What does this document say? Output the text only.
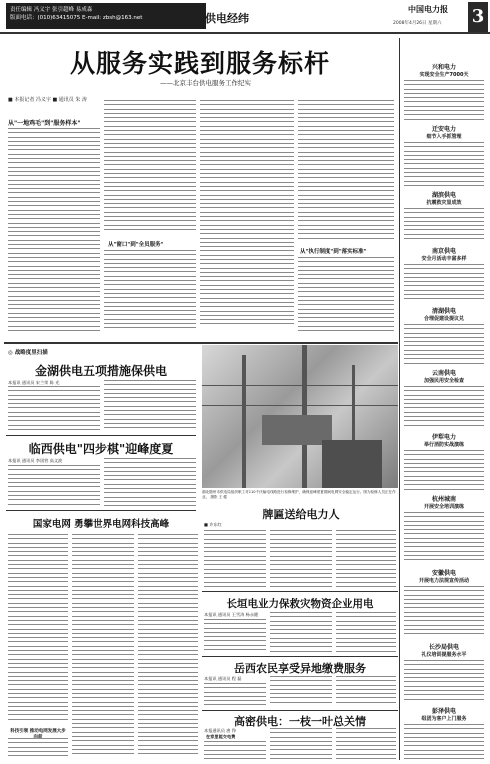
责任编辑 冯义宇 张引超峰 易成森
版面电话：(010)63415075 E-mail: zbsh@163.net	供电经纬
中国电力报
2008年4月26日 星期六 3
从服务实践到服务标杆
——北京丰台供电服务工作纪实
■ 本报记者 冯义宇 ■ 通讯员 朱 涛
从"一地鸡毛"到"服务样本"
从"窗口"到"全员服务"
从"执行制度"到"落实标准"
◎ 战略度里扫描
金湖供电五项措施保供电
本报讯 通讯员 宋兰荣 陈 光
临西供电"四步棋"迎峰度夏
本报讯 通讯员 李国营 高文波
国家电网 勇攀世界电网科技高峰
科技引领 推动电网发展大步
湖北随州市供电局组织职工对110千伏输电线路进行检修维护，确保迎峰度夏期间电网安全稳定运行。图为检修人员正在作业。 摄影 王 健
牌匾送给电力人
■ 许东红
长垣电业力保救灾物资企业用电
本报讯 通讯员 王雪涛 杨永健
岳西农民享受异地缴费服务
本报讯 通讯员 程 磊
高密供电：一枝一叶总关情
本报通讯员 唐 铮
在家里能交电费
兴和电力
实现安全生产7000天
迁安电力
细节入手抓管理
湖滨供电
抗震救灾显成效
南京供电
安全月活动丰富多样
清湖供电
合理促建设提议兑
云南供电
加强民用安全检查
伊犁电力
举行消防实战演练
杭州城南
开展安全培训演练
安徽供电
开展电力法规宣传活动
长沙局供电
礼仪培训提服务水平
彭泽供电
组团为客户上门服务
